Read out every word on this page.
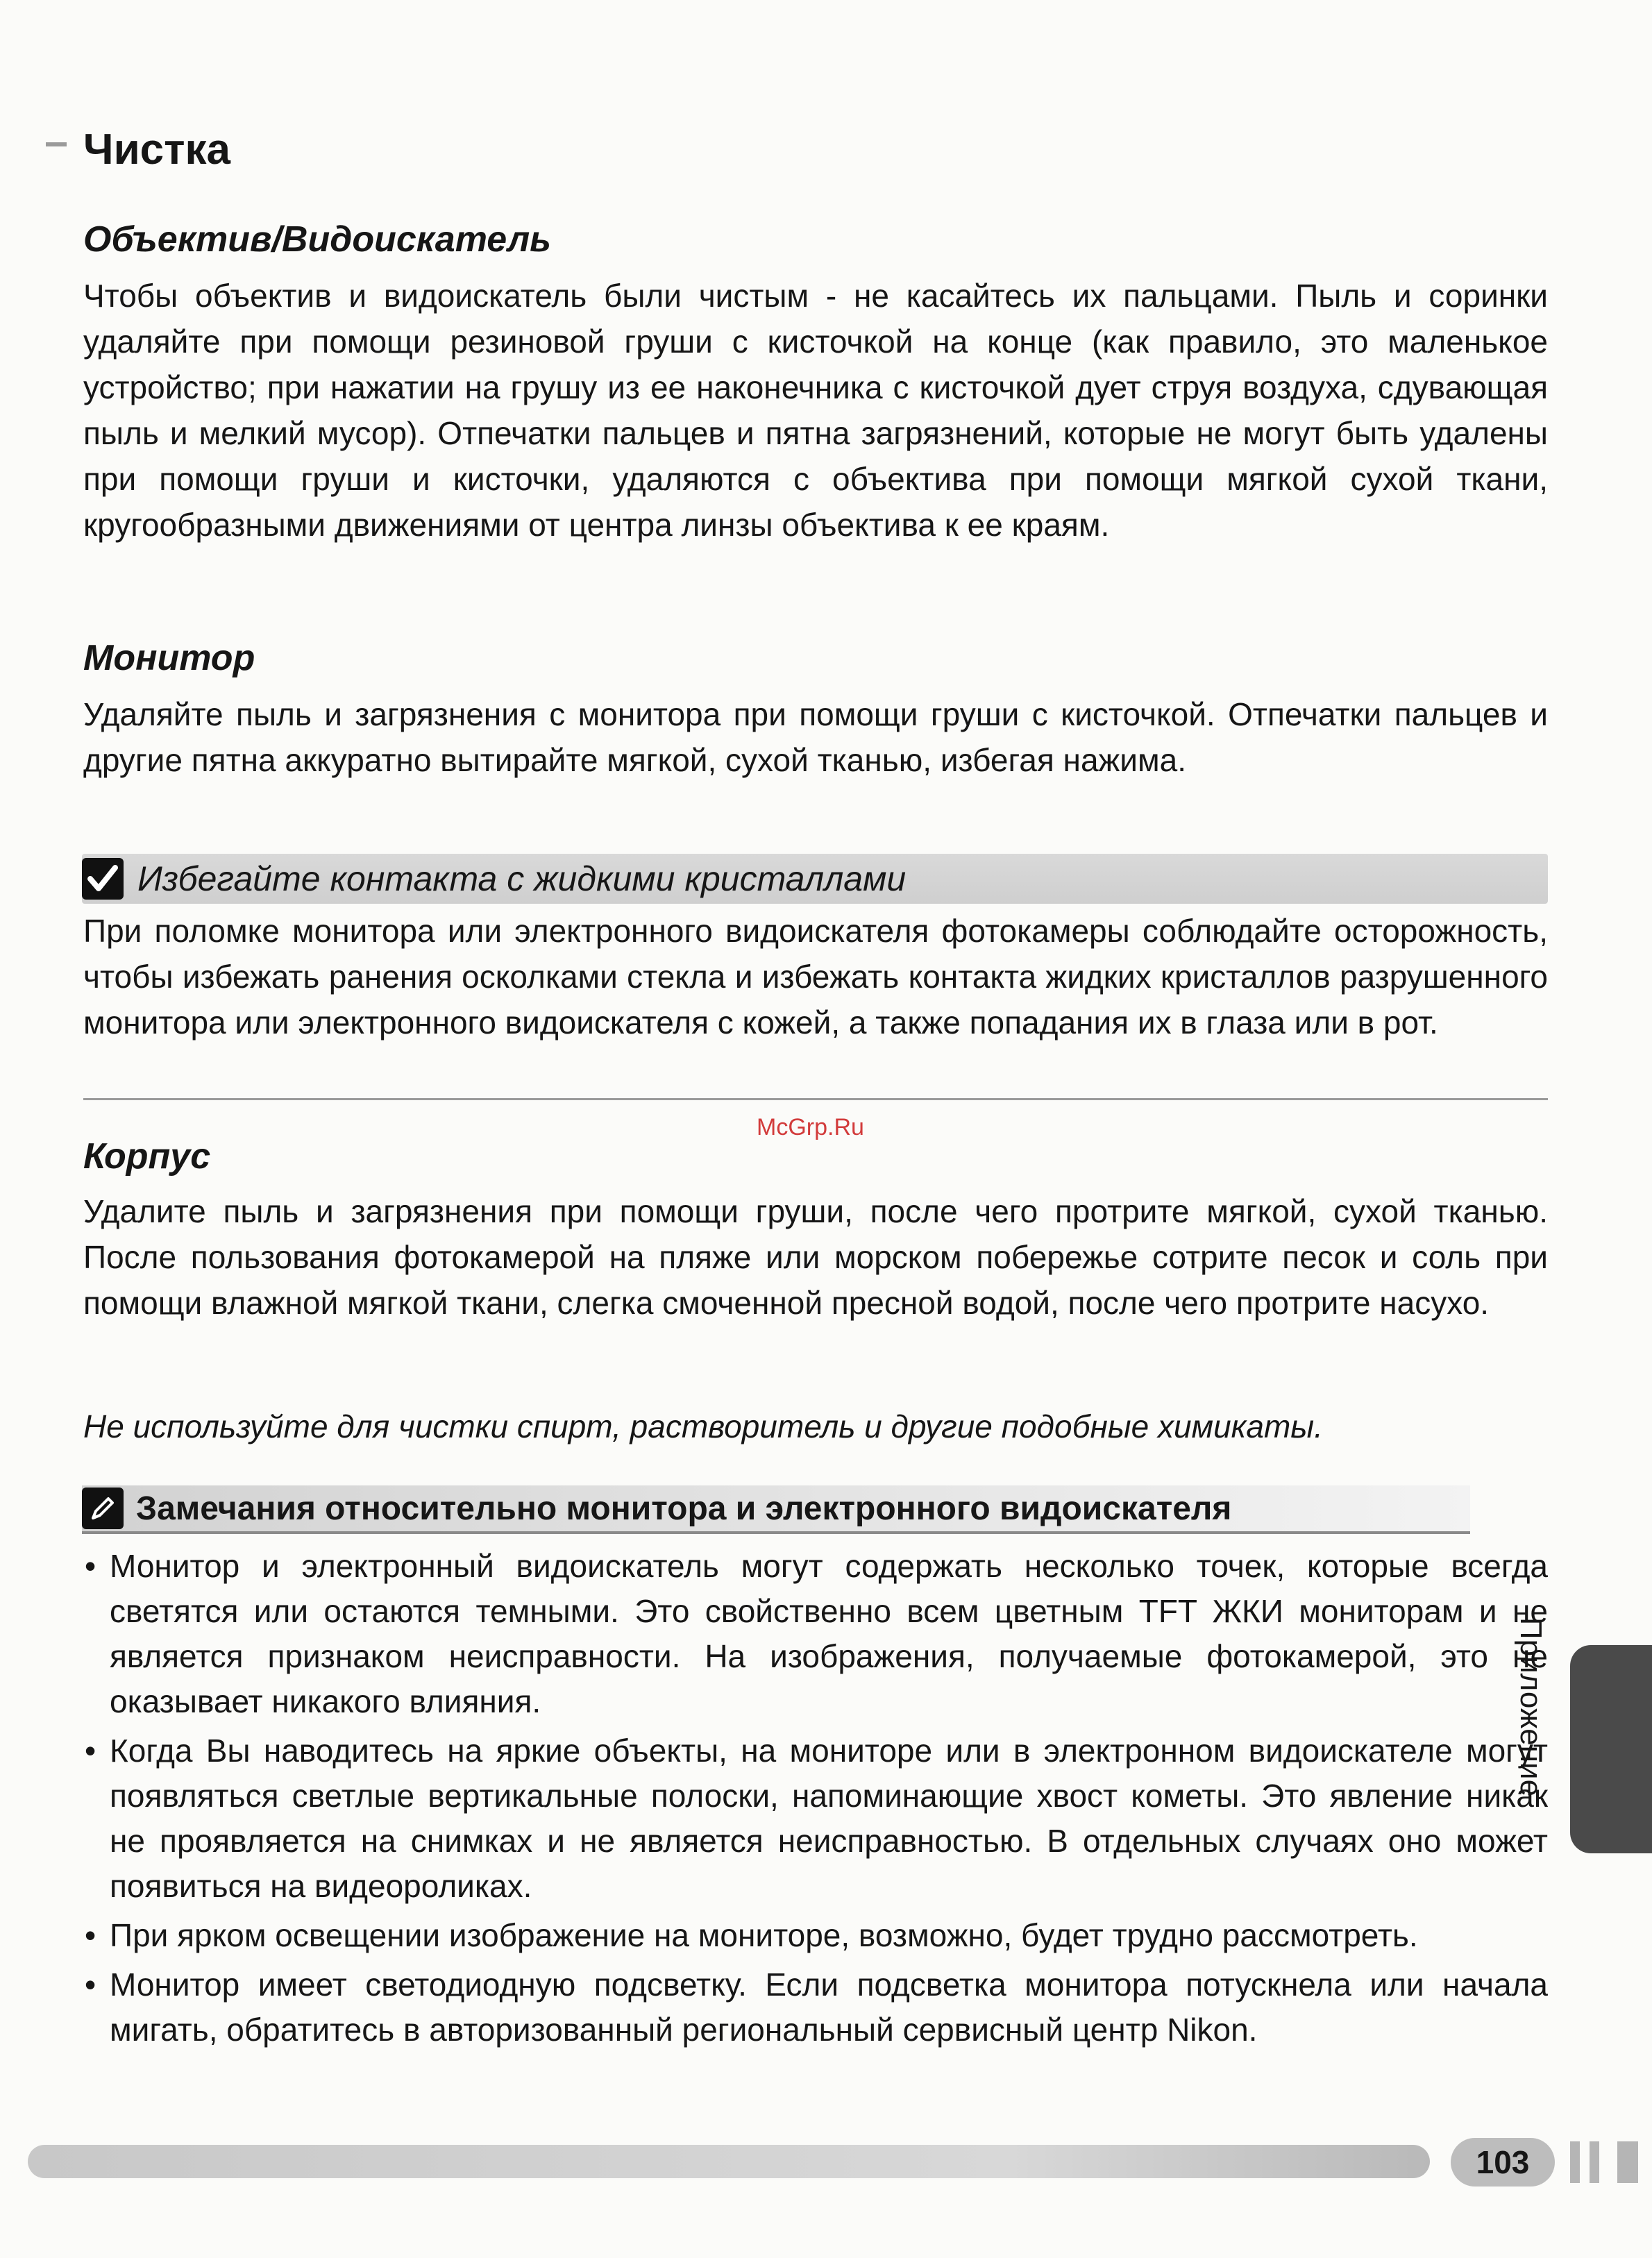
Чистка
Объектив/Видоискатель
Чтобы объектив и видоискатель были чистым - не касайтесь их пальцами. Пыль и соринки удаляйте при помощи резиновой груши с кисточкой на конце (как правило, это маленькое устройство; при нажатии на грушу из ее наконечника с кисточкой дует струя воздуха, сдувающая пыль и мелкий мусор). Отпечатки пальцев и пятна загрязнений, которые не могут быть удалены при помощи груши и кисточки, удаляются с объектива при помощи мягкой сухой ткани, кругообразными движениями от центра линзы объектива к ее краям.
Монитор
Удаляйте пыль и загрязнения с монитора при помощи груши с кисточкой. Отпечатки пальцев и другие пятна аккуратно вытирайте мягкой, сухой тканью, избегая нажима.
Избегайте контакта с жидкими кристаллами
При поломке монитора или электронного видоискателя фотокамеры соблюдайте осторожность, чтобы избежать ранения осколками стекла и избежать контакта жидких кристаллов разрушенного монитора или электронного видоискателя с кожей, а также попадания их в глаза или в рот.
McGrp.Ru
Корпус
Удалите пыль и загрязнения при помощи груши, после чего протрите мягкой, сухой тканью. После пользования фотокамерой на пляже или морском побережье сотрите песок и соль при помощи влажной мягкой ткани, слегка смоченной пресной водой, после чего протрите насухо.
Не используйте для чистки спирт, растворитель и другие подобные химикаты.
Замечания относительно монитора и электронного видоискателя
• Монитор и электронный видоискатель могут содержать несколько точек, которые всегда светятся или остаются темными. Это свойственно всем цветным TFT ЖКИ мониторам и не является признаком неисправности. На изображения, получаемые фотокамерой, это не оказывает никакого влияния.
• Когда Вы наводитесь на яркие объекты, на мониторе или в электронном видоискателе могут появляться светлые вертикальные полоски, напоминающие хвост кометы. Это явление никак не проявляется на снимках и не является неисправностью. В отдельных случаях оно может появиться на видеороликах.
• При ярком освещении изображение на мониторе, возможно, будет трудно рассмотреть.
• Монитор имеет светодиодную подсветку. Если подсветка монитора потускнела или начала мигать, обратитесь в авторизованный региональный сервисный центр Nikon.
Приложение
103
